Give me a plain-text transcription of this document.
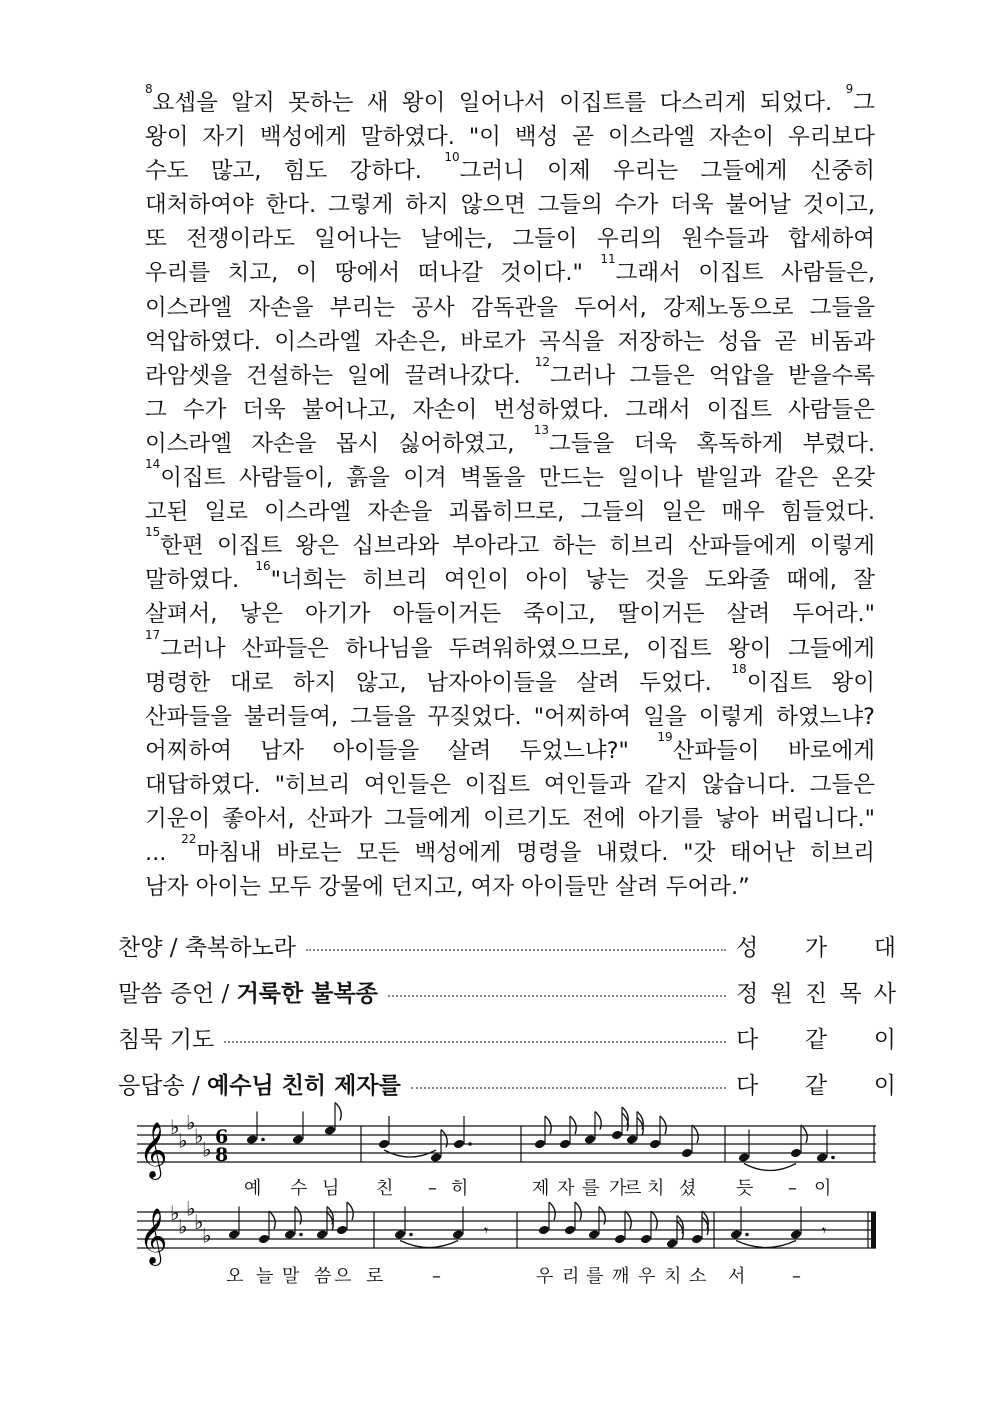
$^8$요셉을 알지 못하는 새 왕이 일어나서 이집트를 다스리게 되었다. $^9$그
왕이 자기 백성에게 말하였다. "이 백성 곧 이스라엘 자손이 우리보다
수도 많고, 힘도 강하다. $^{10}$그러니 이제 우리는 그들에게 신중히
대처하여야 한다. 그렇게 하지 않으면 그들의 수가 더욱 불어날 것이고,
또 전쟁이라도 일어나는 날에는, 그들이 우리의 원수들과 합세하여
우리를 치고, 이 땅에서 떠나갈 것이다." $^{11}$그래서 이집트 사람들은,
이스라엘 자손을 부리는 공사 감독관을 두어서, 강제노동으로 그들을
억압하였다. 이스라엘 자손은, 바로가 곡식을 저장하는 성읍 곧 비돔과
라암셋을 건설하는 일에 끌려나갔다. $^{12}$그러나 그들은 억압을 받을수록
그 수가 더욱 불어나고, 자손이 번성하였다. 그래서 이집트 사람들은
이스라엘 자손을 몹시 싫어하였고, $^{13}$그들을 더욱 혹독하게 부렸다.
$^{14}$이집트 사람들이, 흙을 이겨 벽돌을 만드는 일이나 밭일과 같은 온갖
고된 일로 이스라엘 자손을 괴롭히므로, 그들의 일은 매우 힘들었다.
$^{15}$한편 이집트 왕은 십브라와 부아라고 하는 히브리 산파들에게 이렇게
말하였다. $^{16}$"너희는 히브리 여인이 아이 낳는 것을 도와줄 때에, 잘
살펴서, 낳은 아기가 아들이거든 죽이고, 딸이거든 살려 두어라."
$^{17}$그러나 산파들은 하나님을 두려워하였으므로, 이집트 왕이 그들에게
명령한 대로 하지 않고, 남자아이들을 살려 두었다. $^{18}$이집트 왕이
산파들을 불러들여, 그들을 꾸짖었다. "어찌하여 일을 이렇게 하였느냐?
어찌하여 남자 아이들을 살려 두었느냐?" $^{19}$산파들이 바로에게
대답하였다. "히브리 여인들은 이집트 여인들과 같지 않습니다. 그들은
기운이 좋아서, 산파가 그들에게 이르기도 전에 아기를 낳아 버립니다."
... $^{22}$마침내 바로는 모든 백성에게 명령을 내렸다. "갓 태어난 히브리
남자 아이는 모두 강물에 던지고, 여자 아이들만 살려 두어라.”
찬양 / 축복하노라	성 가 대
말씀 증언 / 거룩한 불복종	정 원 진 목 사
침묵 기도	다 같 이
응답송 / 예수님 친히 제자를	다 같 이
𝄞 ♭
♭
♭
♭
♭
6
8
예 수 님 친 – 히	제 자 를 가
르 치 셨 듯 – 이
𝄞 ♭
♭
♭
♭
♭	𝄾	𝄾
오 늘 말 씀 으 로	–	우 리 를 깨 우 치 소 서	–
